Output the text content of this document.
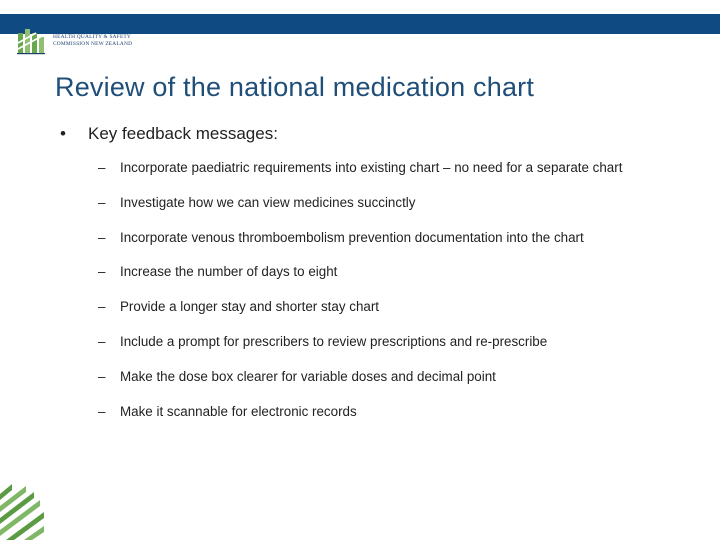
HEALTH QUALITY & SAFETY
COMMISSION NEW ZEALAND
Review of the national medication chart
• Key feedback messages:
–	Incorporate paediatric requirements into existing chart – no need for a separate chart
–	Investigate how we can view medicines succinctly
–	Incorporate venous thromboembolism prevention documentation into the chart
–	Increase the number of days to eight
–	Provide a longer stay and shorter stay chart
–	Include a prompt for prescribers to review prescriptions and re-prescribe
–	Make the dose box clearer for variable doses and decimal point
–	Make it scannable for electronic records
